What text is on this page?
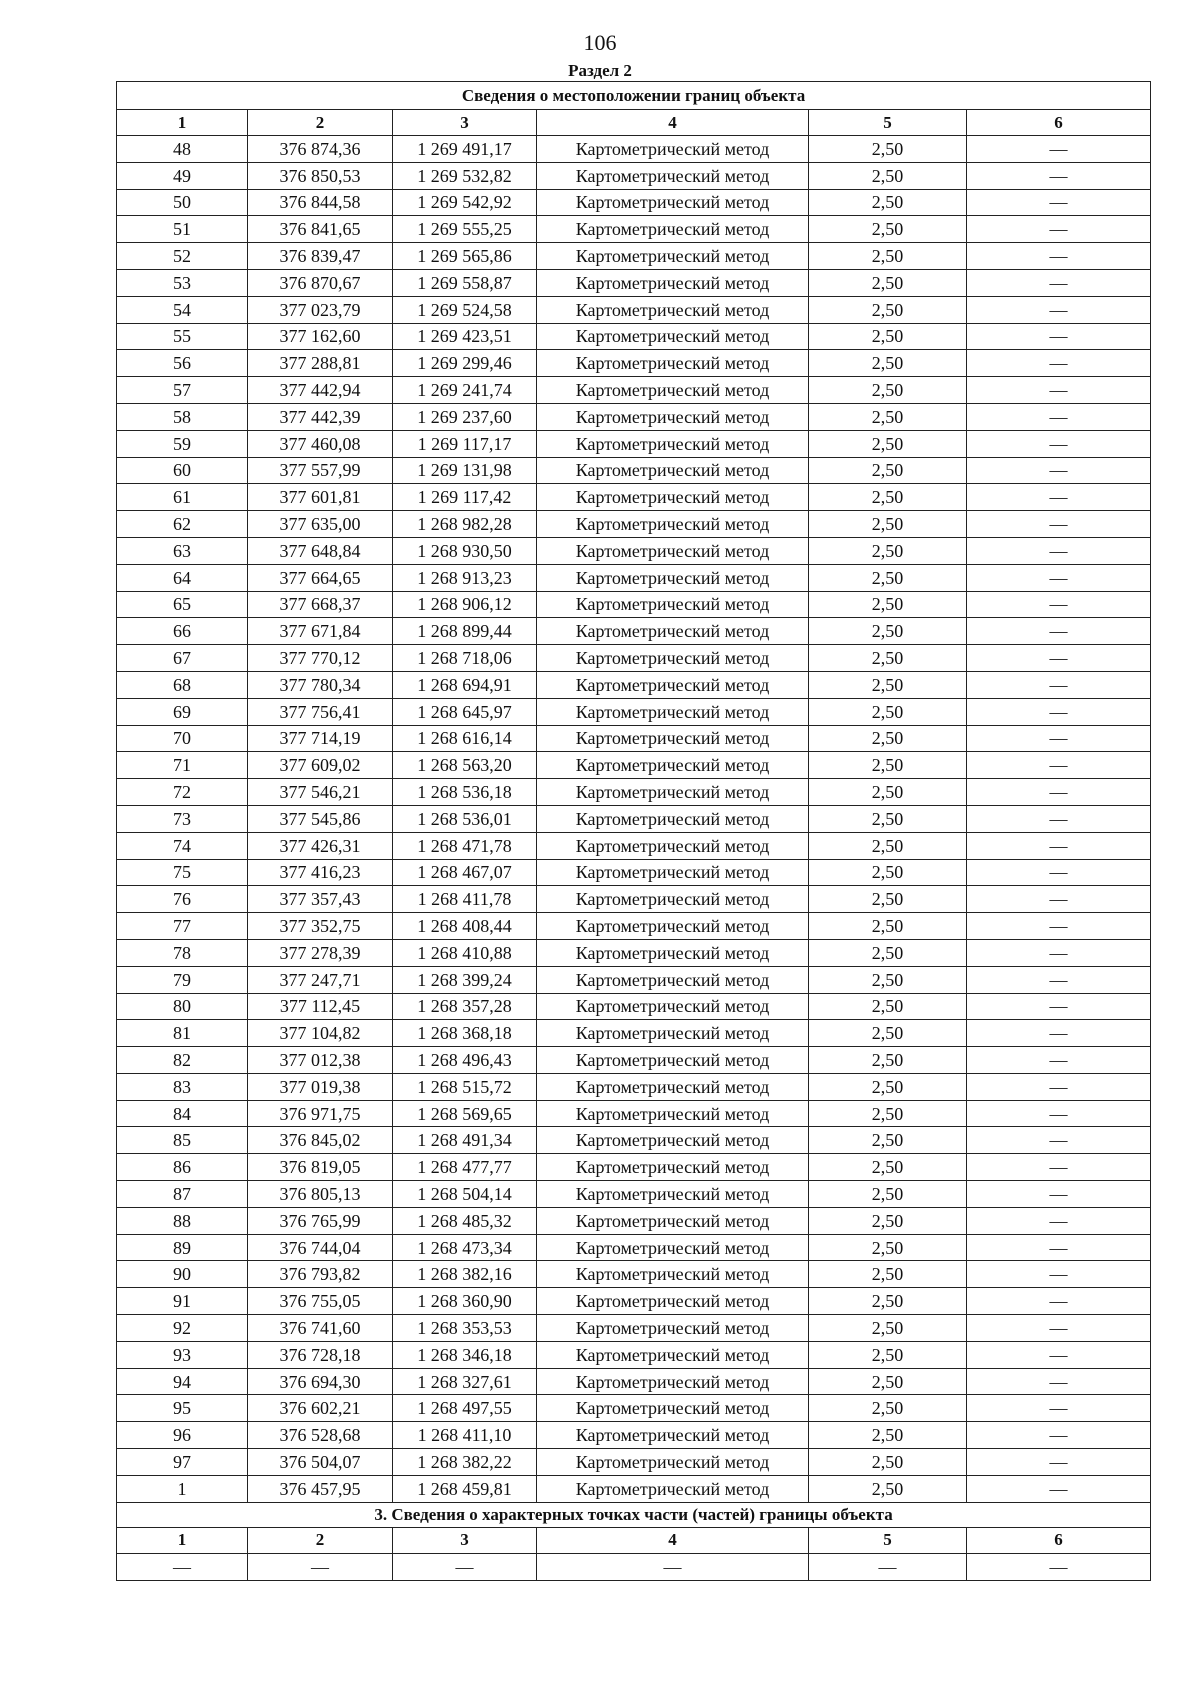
106
Раздел 2
Сведения о местоположении границ объекта					
1	2	3	4	5	6
48	376 874,36	1 269 491,17	Картометрический метод	2,50	—
49	376 850,53	1 269 532,82	Картометрический метод	2,50	—
50	376 844,58	1 269 542,92	Картометрический метод	2,50	—
51	376 841,65	1 269 555,25	Картометрический метод	2,50	—
52	376 839,47	1 269 565,86	Картометрический метод	2,50	—
53	376 870,67	1 269 558,87	Картометрический метод	2,50	—
54	377 023,79	1 269 524,58	Картометрический метод	2,50	—
55	377 162,60	1 269 423,51	Картометрический метод	2,50	—
56	377 288,81	1 269 299,46	Картометрический метод	2,50	—
57	377 442,94	1 269 241,74	Картометрический метод	2,50	—
58	377 442,39	1 269 237,60	Картометрический метод	2,50	—
59	377 460,08	1 269 117,17	Картометрический метод	2,50	—
60	377 557,99	1 269 131,98	Картометрический метод	2,50	—
61	377 601,81	1 269 117,42	Картометрический метод	2,50	—
62	377 635,00	1 268 982,28	Картометрический метод	2,50	—
63	377 648,84	1 268 930,50	Картометрический метод	2,50	—
64	377 664,65	1 268 913,23	Картометрический метод	2,50	—
65	377 668,37	1 268 906,12	Картометрический метод	2,50	—
66	377 671,84	1 268 899,44	Картометрический метод	2,50	—
67	377 770,12	1 268 718,06	Картометрический метод	2,50	—
68	377 780,34	1 268 694,91	Картометрический метод	2,50	—
69	377 756,41	1 268 645,97	Картометрический метод	2,50	—
70	377 714,19	1 268 616,14	Картометрический метод	2,50	—
71	377 609,02	1 268 563,20	Картометрический метод	2,50	—
72	377 546,21	1 268 536,18	Картометрический метод	2,50	—
73	377 545,86	1 268 536,01	Картометрический метод	2,50	—
74	377 426,31	1 268 471,78	Картометрический метод	2,50	—
75	377 416,23	1 268 467,07	Картометрический метод	2,50	—
76	377 357,43	1 268 411,78	Картометрический метод	2,50	—
77	377 352,75	1 268 408,44	Картометрический метод	2,50	—
78	377 278,39	1 268 410,88	Картометрический метод	2,50	—
79	377 247,71	1 268 399,24	Картометрический метод	2,50	—
80	377 112,45	1 268 357,28	Картометрический метод	2,50	—
81	377 104,82	1 268 368,18	Картометрический метод	2,50	—
82	377 012,38	1 268 496,43	Картометрический метод	2,50	—
83	377 019,38	1 268 515,72	Картометрический метод	2,50	—
84	376 971,75	1 268 569,65	Картометрический метод	2,50	—
85	376 845,02	1 268 491,34	Картометрический метод	2,50	—
86	376 819,05	1 268 477,77	Картометрический метод	2,50	—
87	376 805,13	1 268 504,14	Картометрический метод	2,50	—
88	376 765,99	1 268 485,32	Картометрический метод	2,50	—
89	376 744,04	1 268 473,34	Картометрический метод	2,50	—
90	376 793,82	1 268 382,16	Картометрический метод	2,50	—
91	376 755,05	1 268 360,90	Картометрический метод	2,50	—
92	376 741,60	1 268 353,53	Картометрический метод	2,50	—
93	376 728,18	1 268 346,18	Картометрический метод	2,50	—
94	376 694,30	1 268 327,61	Картометрический метод	2,50	—
95	376 602,21	1 268 497,55	Картометрический метод	2,50	—
96	376 528,68	1 268 411,10	Картометрический метод	2,50	—
97	376 504,07	1 268 382,22	Картометрический метод	2,50	—
1	376 457,95	1 268 459,81	Картометрический метод	2,50	—
3. Сведения о характерных точках части (частей) границы объекта					
1	2	3	4	5	6
—	—	—	—	—	—
